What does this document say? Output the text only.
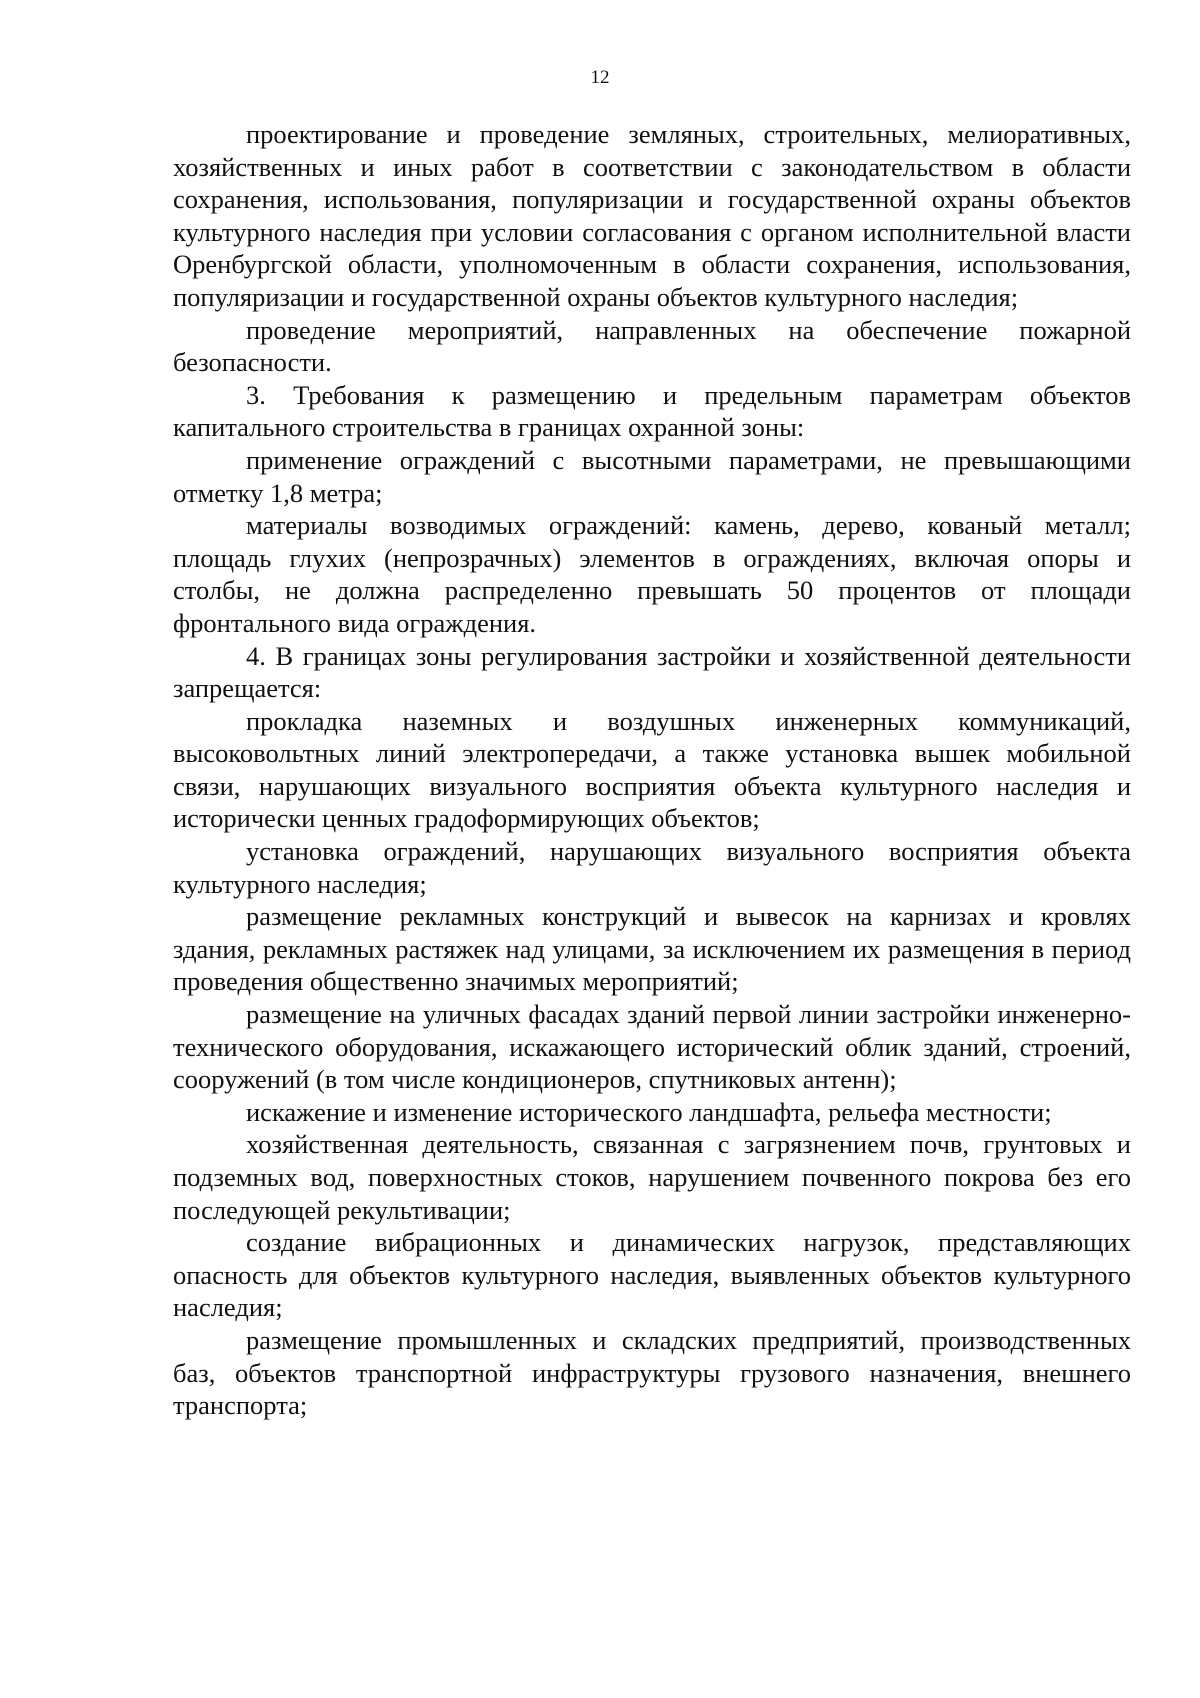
12

проектирование и проведение земляных, строительных, мелиоративных, хозяйственных и иных работ в соответствии с законодательством в области сохранения, использования, популяризации и государственной охраны объектов культурного наследия при условии согласования с органом исполнительной власти Оренбургской области, уполномоченным в области сохранения, использования, популяризации и государственной охраны объектов культурного наследия;

проведение мероприятий, направленных на обеспечение пожарной безопасности.

3. Требования к размещению и предельным параметрам объектов капитального строительства в границах охранной зоны:

применение ограждений с высотными параметрами, не превышающими отметку 1,8 метра;

материалы возводимых ограждений: камень, дерево, кованый металл; площадь глухих (непрозрачных) элементов в ограждениях, включая опоры и столбы, не должна распределенно превышать 50 процентов от площади фронтального вида ограждения.

4. В границах зоны регулирования застройки и хозяйственной деятельности запрещается:

прокладка наземных и воздушных инженерных коммуникаций, высоковольтных линий электропередачи, а также установка вышек мобильной связи, нарушающих визуального восприятия объекта культурного наследия и исторически ценных градоформирующих объектов;

установка ограждений, нарушающих визуального восприятия объекта культурного наследия;

размещение рекламных конструкций и вывесок на карнизах и кровлях здания, рекламных растяжек над улицами, за исключением их размещения в период проведения общественно значимых мероприятий;

размещение на уличных фасадах зданий первой линии застройки инженерно-технического оборудования, искажающего исторический облик зданий, строений, сооружений (в том числе кондиционеров, спутниковых антенн);

искажение и изменение исторического ландшафта, рельефа местности;

хозяйственная деятельность, связанная с загрязнением почв, грунтовых и подземных вод, поверхностных стоков, нарушением почвенного покрова без его последующей рекультивации;

создание вибрационных и динамических нагрузок, представляющих опасность для объектов культурного наследия, выявленных объектов культурного наследия;

размещение промышленных и складских предприятий, производственных баз, объектов транспортной инфраструктуры грузового назначения, внешнего транспорта;
